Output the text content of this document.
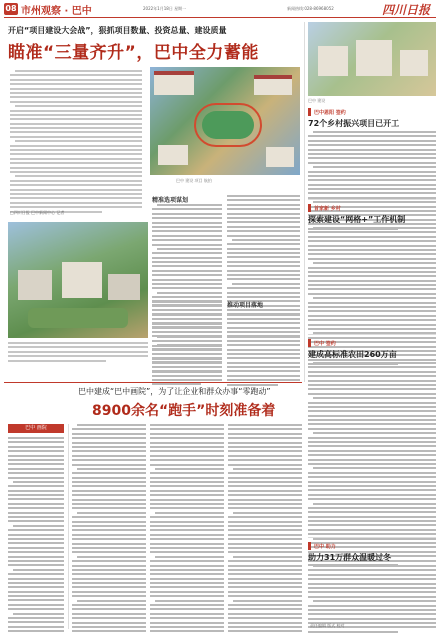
08 市州观察 · 巴中	2022年1月18日 星期一	新闻热线:028-86968052	四川日报
开启“项目建设大会战”，狠抓项目数量、投资总量、建设质量
瞄准“三量齐升”，巴中全力蓄能
□四川日报 巴中新闻中心 记者
巴中 建设 项目 航拍
精准选项谋划
推动项目落地
巴中 建设
巴中恩阳 签约
72个乡村振兴项目已开工
首家新 乡村
探索建设“网格+”工作机制
巴中 签约
建成高标准农田260万亩
巴中 助力
助力31万群众温暖过冬
责任编辑 版式 校对
巴中建成“巴中画院”，为了让企业和群众办事“零跑动”
8900余名“跑手”时刻准备着
巴中 画院
